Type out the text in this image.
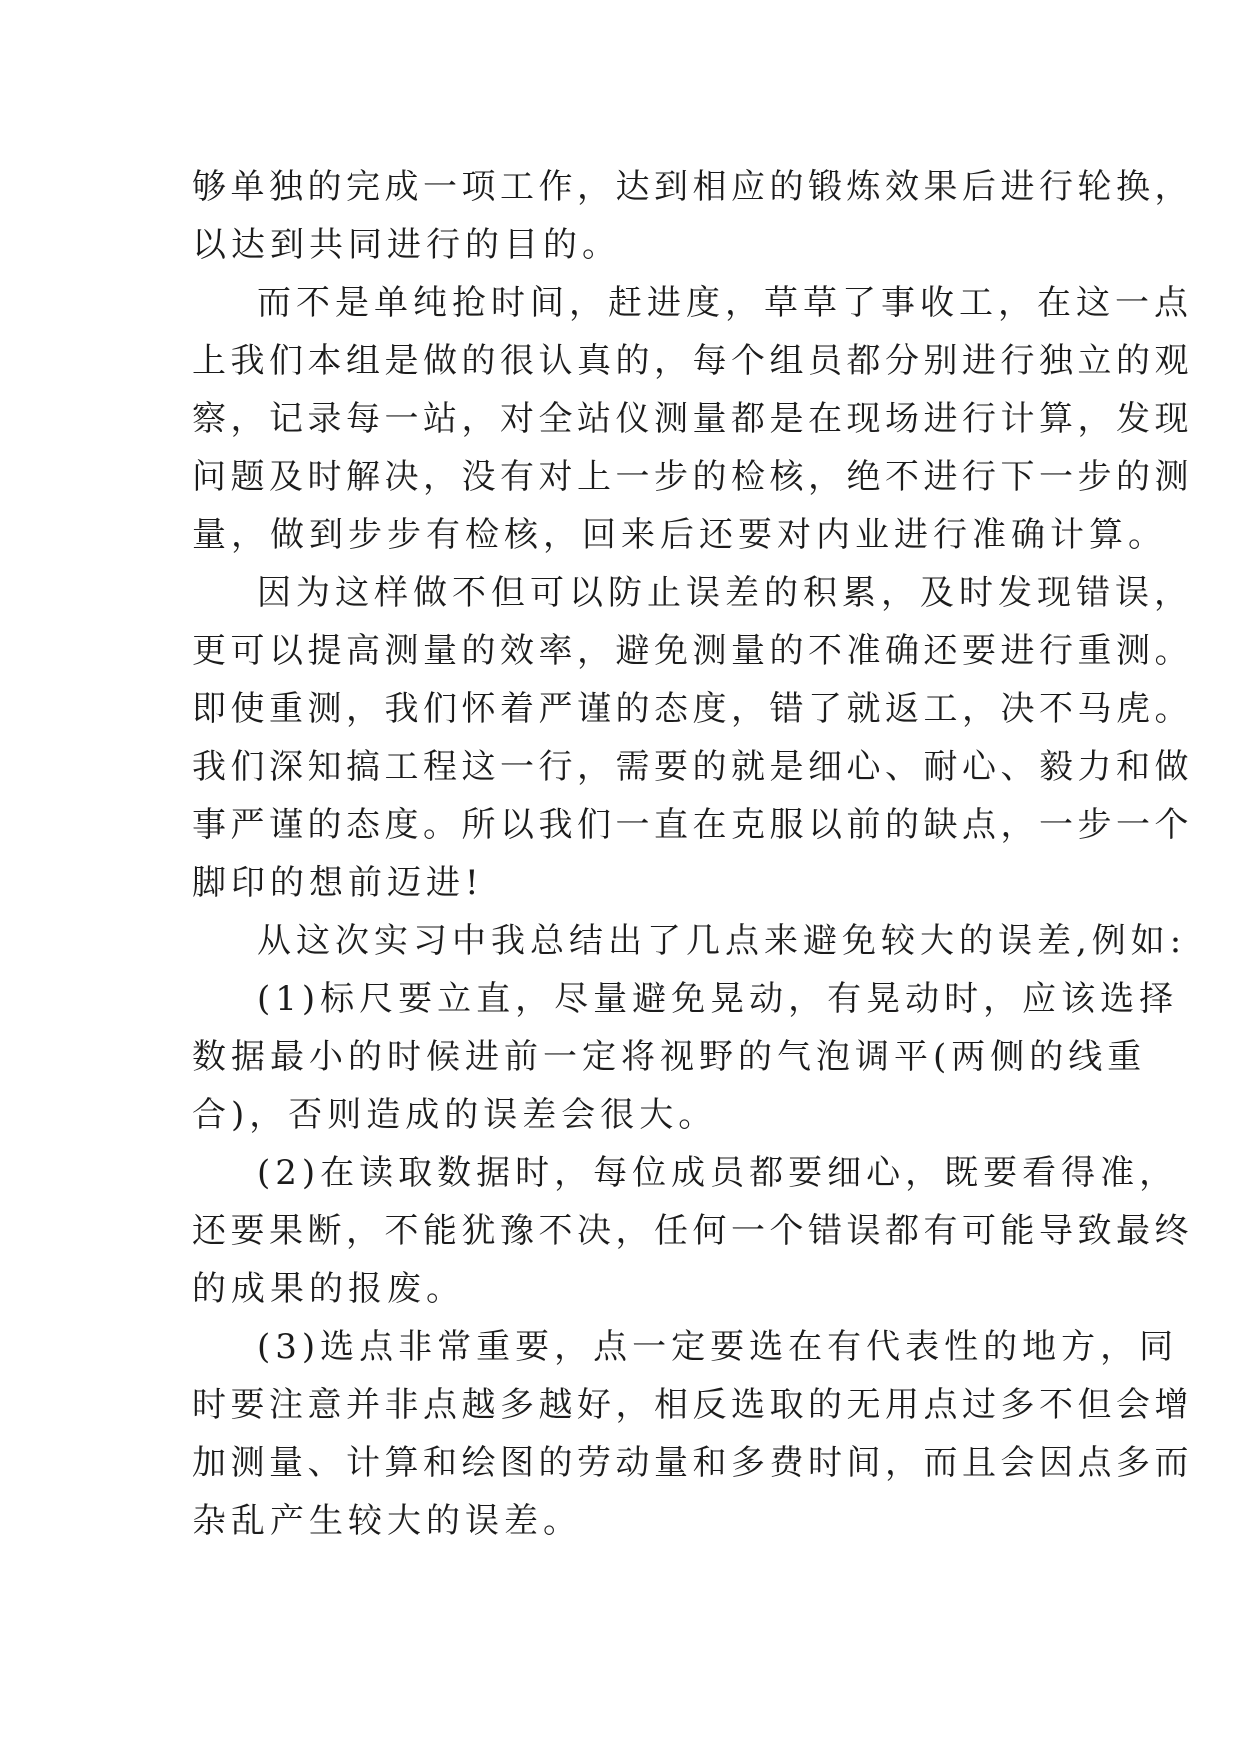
够单独的完成一项工作，达到相应的锻炼效果后进行轮换，

以达到共同进行的目的。

而不是单纯抢时间，赶进度，草草了事收工，在这一点

上我们本组是做的很认真的，每个组员都分别进行独立的观

察，记录每一站，对全站仪测量都是在现场进行计算，发现

问题及时解决，没有对上一步的检核，绝不进行下一步的测

量，做到步步有检核，回来后还要对内业进行准确计算。

因为这样做不但可以防止误差的积累，及时发现错误，

更可以提高测量的效率，避免测量的不准确还要进行重测。

即使重测，我们怀着严谨的态度，错了就返工，决不马虎。

我们深知搞工程这一行，需要的就是细心、耐心、毅力和做

事严谨的态度。所以我们一直在克服以前的缺点，一步一个

脚印的想前迈进!

从这次实习中我总结出了几点来避免较大的误差,例如:

(1)标尺要立直，尽量避免晃动，有晃动时，应该选择

数据最小的时候进前一定将视野的气泡调平(两侧的线重

合)，否则造成的误差会很大。

(2)在读取数据时，每位成员都要细心，既要看得准，

还要果断，不能犹豫不决，任何一个错误都有可能导致最终

的成果的报废。

(3)选点非常重要，点一定要选在有代表性的地方，同

时要注意并非点越多越好，相反选取的无用点过多不但会增

加测量、计算和绘图的劳动量和多费时间，而且会因点多而

杂乱产生较大的误差。
